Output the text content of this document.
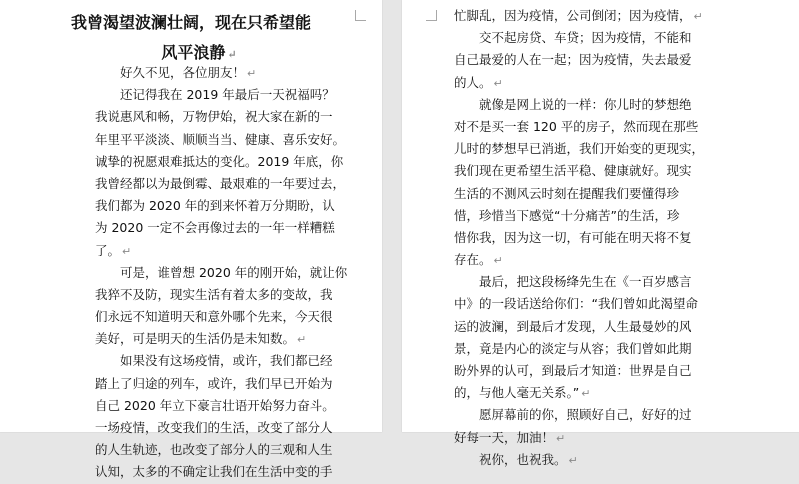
我曾渴望波澜壮阔，现在只希望能
风平浪静 ↵
　　好久不见，各位朋友！ ↵
　　还记得我在 2019 年最后一天祝福吗？
我说惠风和畅，万物伊始，祝大家在新的一
年里平平淡淡、顺顺当当、健康、喜乐安好。
诚挚的祝愿艰难抵达的变化。2019 年底，你
我曾经都以为最倒霉、最艰难的一年要过去，
我们都为 2020 年的到来怀着万分期盼，认
为 2020 一定不会再像过去的一年一样糟糕
了。 ↵
　　可是，谁曾想 2020 年的刚开始，就让你
我猝不及防，现实生活有着太多的变故，我
们永远不知道明天和意外哪个先来，今天很
美好，可是明天的生活仍是未知数。 ↵
　　如果没有这场疫情，或许，我们都已经
踏上了归途的列车，或许，我们早已开始为
自己 2020 年立下豪言壮语开始努力奋斗。
一场疫情，改变我们的生活，改变了部分人
的人生轨迹，也改变了部分人的三观和人生
认知，太多的不确定让我们在生活中变的手
忙脚乱，因为疫情，公司倒闭；因为疫情， ↵
　　交不起房贷、车贷；因为疫情，不能和
自己最爱的人在一起；因为疫情，失去最爱
的人。 ↵
　　就像是网上说的一样：你儿时的梦想绝
对不是买一套 120 平的房子，然而现在那些
儿时的梦想早已消逝，我们开始变的更现实，
我们现在更希望生活平稳、健康就好。现实
生活的不测风云时刻在提醒我们要懂得珍
惜，珍惜当下感觉“十分痛苦”的生活，珍
惜你我，因为这一切，有可能在明天将不复
存在。 ↵
　　最后，把这段杨绛先生在《一百岁感言
中》的一段话送给你们：“我们曾如此渴望命
运的波澜，到最后才发现，人生最曼妙的风
景，竟是内心的淡定与从容；我们曾如此期
盼外界的认可，到最后才知道：世界是自己
的，与他人毫无关系。” ↵
　　愿屏幕前的你，照顾好自己，好好的过
好每一天，加油！ ↵
　　祝你，也祝我。 ↵
